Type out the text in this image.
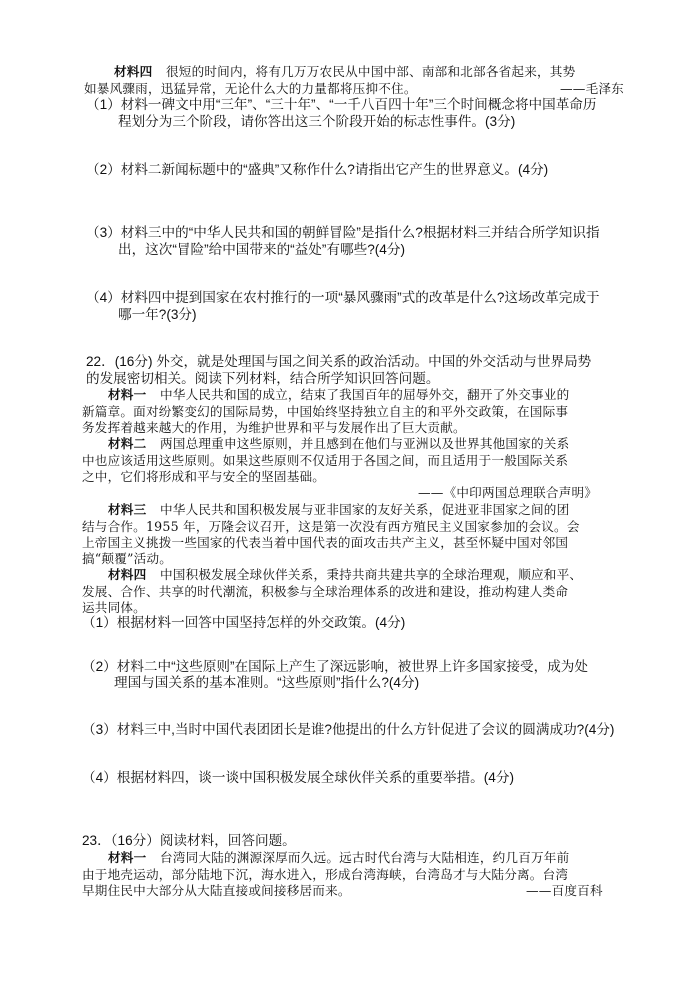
材料四 很短的时间内，将有几万万农民从中国中部、南部和北部各省起来，其势
如暴风骤雨，迅猛异常，无论什么大的力量都将压抑不住。	——毛泽东
（1）材料一碑文中用“三年”、“三十年”、“一千八百四十年”三个时间概念将中国革命历
程划分为三个阶段，请你答出这三个阶段开始的标志性事件。(3分)
（2）材料二新闻标题中的“盛典”又称作什么?请指出它产生的世界意义。(4分)
（3）材料三中的“中华人民共和国的朝鲜冒险”是指什么?根据材料三并结合所学知识指
出，这次“冒险”给中国带来的“益处”有哪些?(4分)
（4）材料四中提到国家在农村推行的一项“暴风骤雨”式的改革是什么?这场改革完成于
哪一年?(3分)
22．(16分) 外交，就是处理国与国之间关系的政治活动。中国的外交活动与世界局势
的发展密切相关。阅读下列材料，结合所学知识回答问题。
材料一 中华人民共和国的成立，结束了我国百年的屈辱外交，翻开了外交事业的
新篇章。面对纷繁变幻的国际局势，中国始终坚持独立自主的和平外交政策，在国际事
务发挥着越来越大的作用，为维护世界和平与发展作出了巨大贡献。
材料二 两国总理重申这些原则，并且感到在他们与亚洲以及世界其他国家的关系
中也应该适用这些原则。如果这些原则不仅适用于各国之间，而且适用于一般国际关系
之中，它们将形成和平与安全的坚固基础。
——《中印两国总理联合声明》
材料三 中华人民共和国积极发展与亚非国家的友好关系，促进亚非国家之间的团
结与合作。1955 年，万隆会议召开，这是第一次没有西方殖民主义国家参加的会议。会
上帝国主义挑拨一些国家的代表当着中国代表的面攻击共产主义，甚至怀疑中国对邻国
搞“颠覆”活动。
材料四 中国积极发展全球伙伴关系，秉持共商共建共享的全球治理观，顺应和平、
发展、合作、共享的时代潮流，积极参与全球治理体系的改进和建设，推动构建人类命
运共同体。
（1）根据材料一回答中国坚持怎样的外交政策。(4分)
（2）材料二中“这些原则”在国际上产生了深远影响，被世界上许多国家接受，成为处
理国与国关系的基本准则。“这些原则”指什么?(4分)
（3）材料三中,当时中国代表团团长是谁?他提出的什么方针促进了会议的圆满成功?(4分)
（4）根据材料四，谈一谈中国积极发展全球伙伴关系的重要举措。(4分)
23．（16分）阅读材料，回答问题。
材料一 台湾同大陆的渊源深厚而久远。远古时代台湾与大陆相连，约几百万年前
由于地壳运动，部分陆地下沉，海水进入，形成台湾海峡，台湾岛才与大陆分离。台湾
早期住民中大部分从大陆直接或间接移居而来。	——百度百科
